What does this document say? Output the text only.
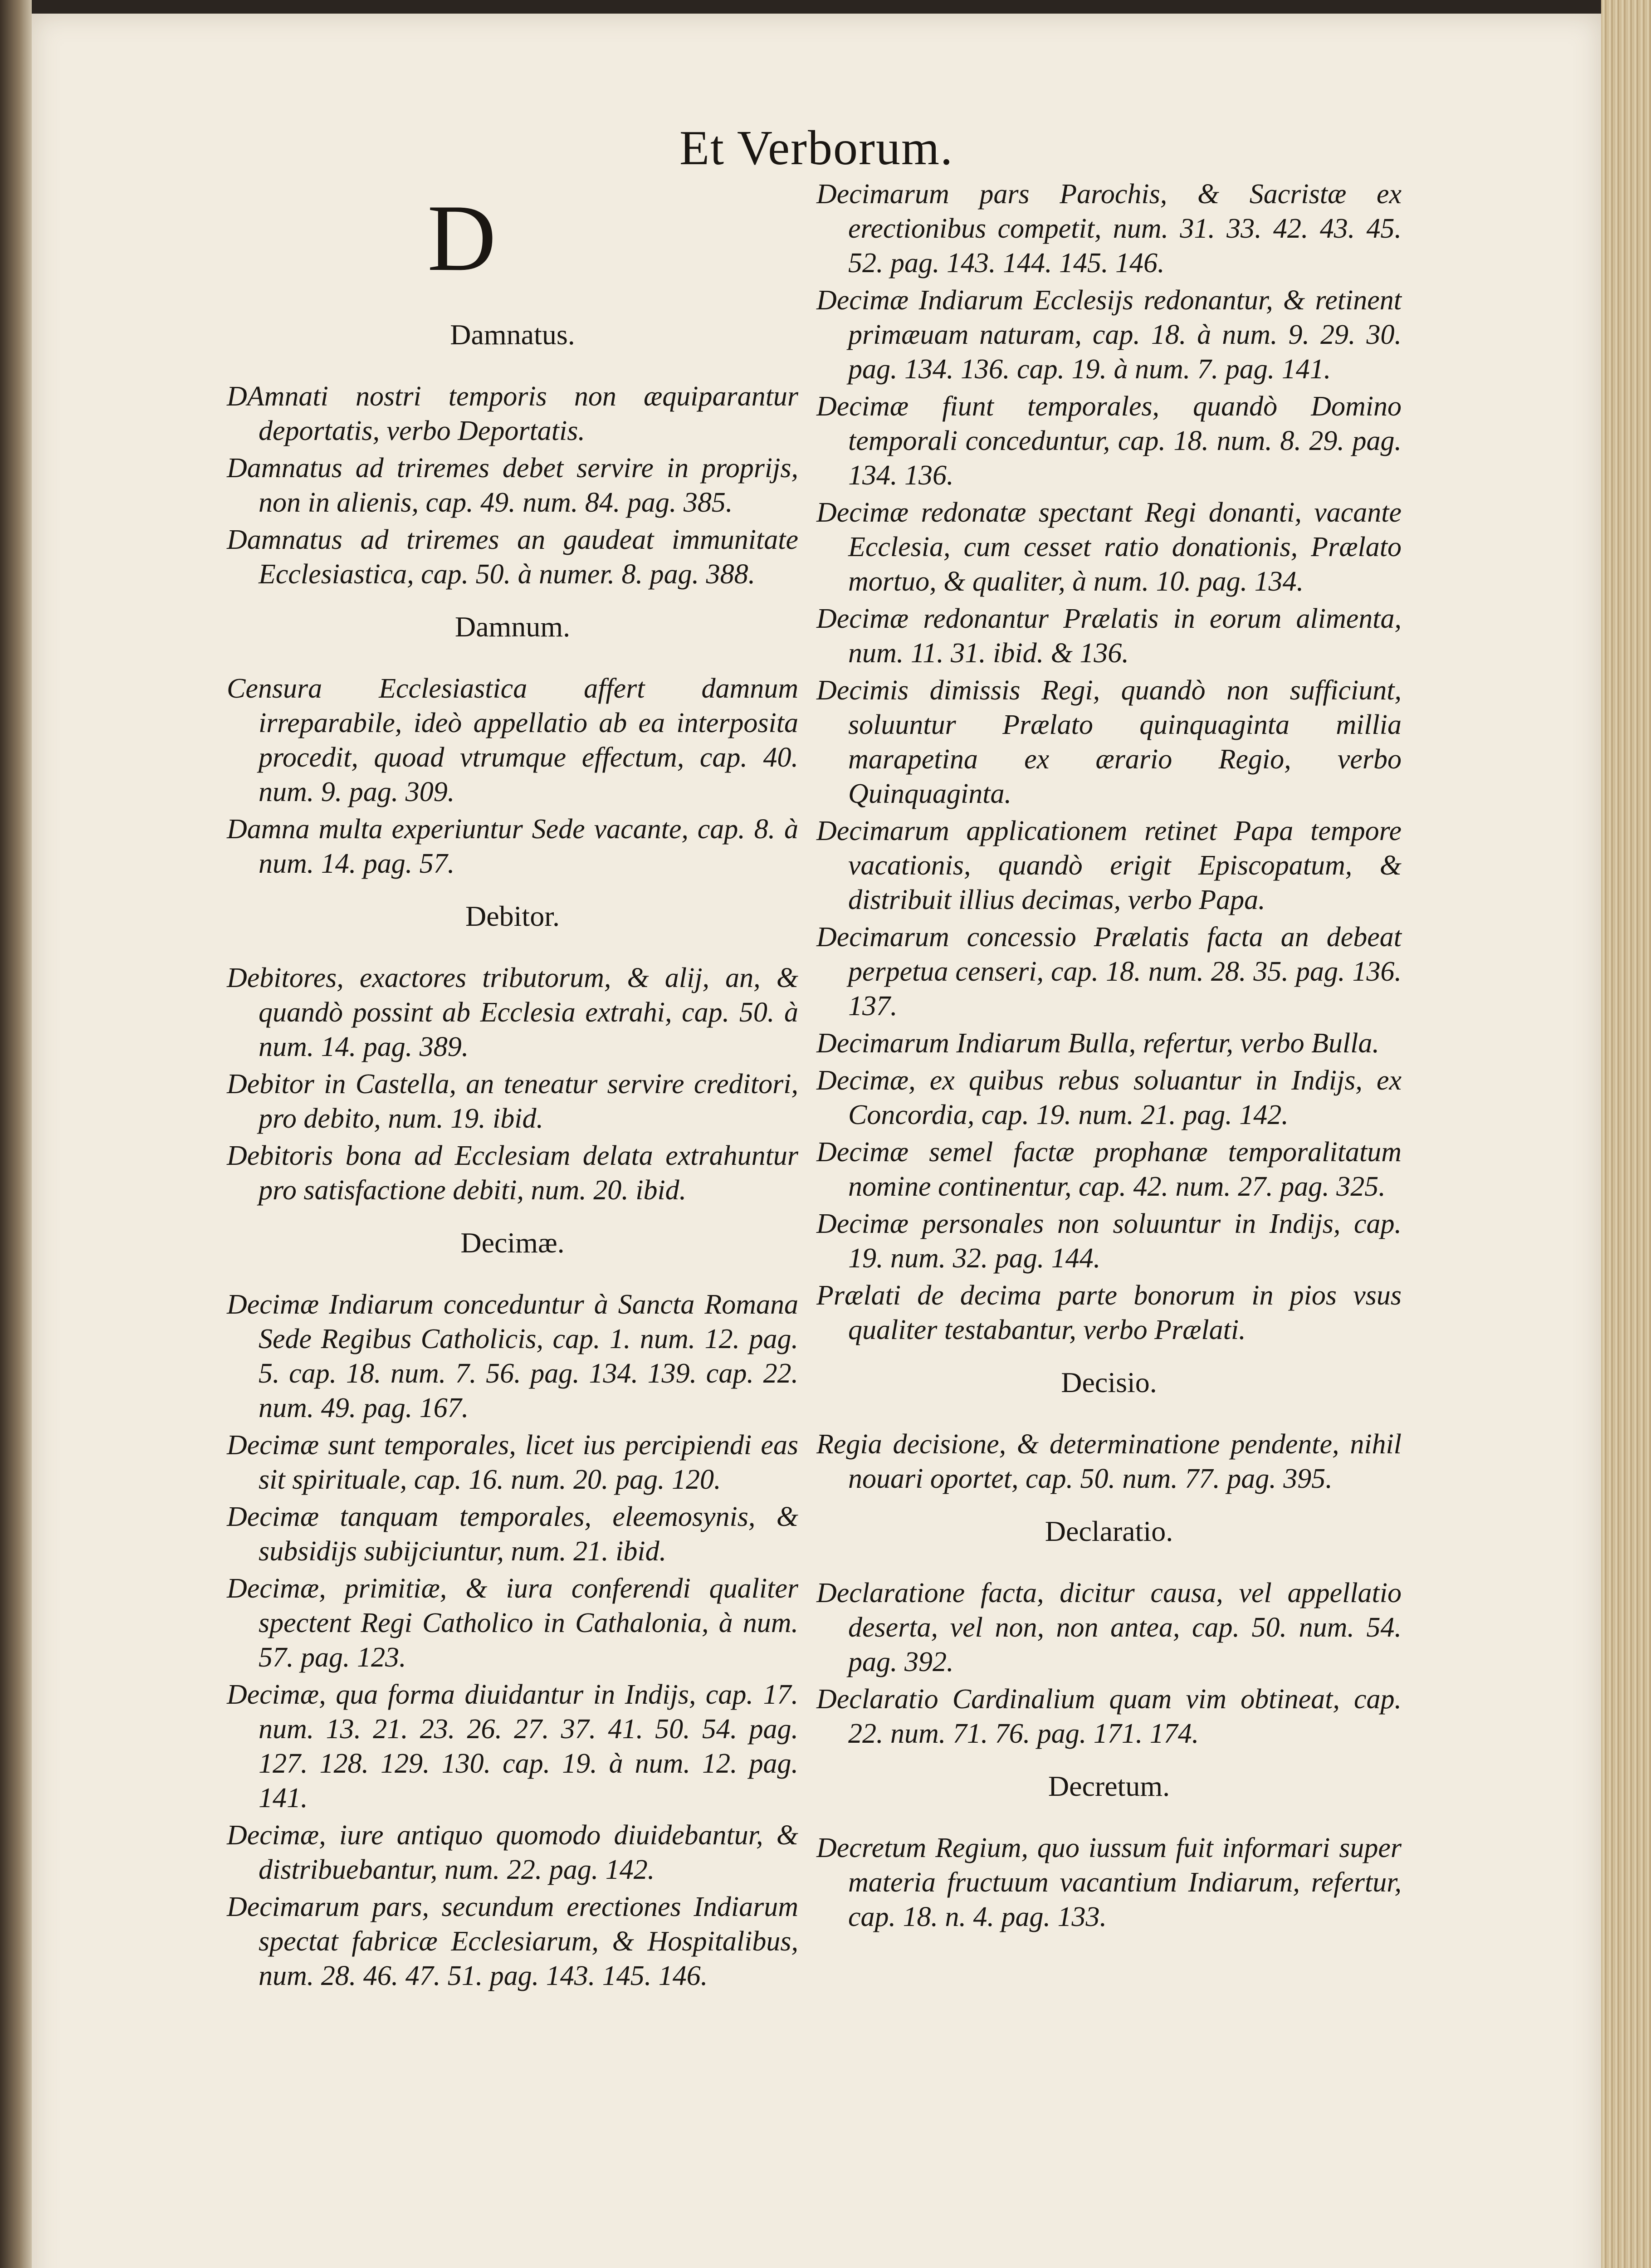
Et Verborum.
D
Damnatus.
DAmnati nostri temporis non æquiparantur deportatis, verbo Deportatis.
Damnatus ad triremes debet servire in proprijs, non in alienis, cap. 49. num. 84. pag. 385.
Damnatus ad triremes an gaudeat immunitate Ecclesiastica, cap. 50. à numer. 8. pag. 388.
Damnum.
Censura Ecclesiastica affert damnum irreparabile, ideò appellatio ab ea interposita procedit, quoad vtrumque effectum, cap. 40. num. 9. pag. 309.
Damna multa experiuntur Sede vacante, cap. 8. à num. 14. pag. 57.
Debitor.
Debitores, exactores tributorum, & alij, an, & quandò possint ab Ecclesia extrahi, cap. 50. à num. 14. pag. 389.
Debitor in Castella, an teneatur servire creditori, pro debito, num. 19. ibid.
Debitoris bona ad Ecclesiam delata extrahuntur pro satisfactione debiti, num. 20. ibid.
Decimæ.
Decimæ Indiarum conceduntur à Sancta Romana Sede Regibus Catholicis, cap. 1. num. 12. pag. 5. cap. 18. num. 7. 56. pag. 134. 139. cap. 22. num. 49. pag. 167.
Decimæ sunt temporales, licet ius percipiendi eas sit spirituale, cap. 16. num. 20. pag. 120.
Decimæ tanquam temporales, eleemosynis, & subsidijs subijciuntur, num. 21. ibid.
Decimæ, primitiæ, & iura conferendi qualiter spectent Regi Catholico in Cathalonia, à num. 57. pag. 123.
Decimæ, qua forma diuidantur in Indijs, cap. 17. num. 13. 21. 23. 26. 27. 37. 41. 50. 54. pag. 127. 128. 129. 130. cap. 19. à num. 12. pag. 141.
Decimæ, iure antiquo quomodo diuidebantur, & distribuebantur, num. 22. pag. 142.
Decimarum pars, secundum erectiones Indiarum spectat fabricæ Ecclesiarum, & Hospitalibus, num. 28. 46. 47. 51. pag. 143. 145. 146.
Decimarum pars Parochis, & Sacristæ ex erectionibus competit, num. 31. 33. 42. 43. 45. 52. pag. 143. 144. 145. 146.
Decimæ Indiarum Ecclesijs redonantur, & retinent primæuam naturam, cap. 18. à num. 9. 29. 30. pag. 134. 136. cap. 19. à num. 7. pag. 141.
Decimæ fiunt temporales, quandò Domino temporali conceduntur, cap. 18. num. 8. 29. pag. 134. 136.
Decimæ redonatæ spectant Regi donanti, vacante Ecclesia, cum cesset ratio donationis, Prælato mortuo, & qualiter, à num. 10. pag. 134.
Decimæ redonantur Prælatis in eorum alimenta, num. 11. 31. ibid. & 136.
Decimis dimissis Regi, quandò non sufficiunt, soluuntur Prælato quinquaginta millia marapetina ex ærario Regio, verbo Quinquaginta.
Decimarum applicationem retinet Papa tempore vacationis, quandò erigit Episcopatum, & distribuit illius decimas, verbo Papa.
Decimarum concessio Prælatis facta an debeat perpetua censeri, cap. 18. num. 28. 35. pag. 136. 137.
Decimarum Indiarum Bulla, refertur, verbo Bulla.
Decimæ, ex quibus rebus soluantur in Indijs, ex Concordia, cap. 19. num. 21. pag. 142.
Decimæ semel factæ prophanæ temporalitatum nomine continentur, cap. 42. num. 27. pag. 325.
Decimæ personales non soluuntur in Indijs, cap. 19. num. 32. pag. 144.
Prælati de decima parte bonorum in pios vsus qualiter testabantur, verbo Prælati.
Decisio.
Regia decisione, & determinatione pendente, nihil nouari oportet, cap. 50. num. 77. pag. 395.
Declaratio.
Declaratione facta, dicitur causa, vel appellatio deserta, vel non, non antea, cap. 50. num. 54. pag. 392.
Declaratio Cardinalium quam vim obtineat, cap. 22. num. 71. 76. pag. 171. 174.
Decretum.
Decretum Regium, quo iussum fuit informari super materia fructuum vacantium Indiarum, refertur, cap. 18. n. 4. pag. 133.
